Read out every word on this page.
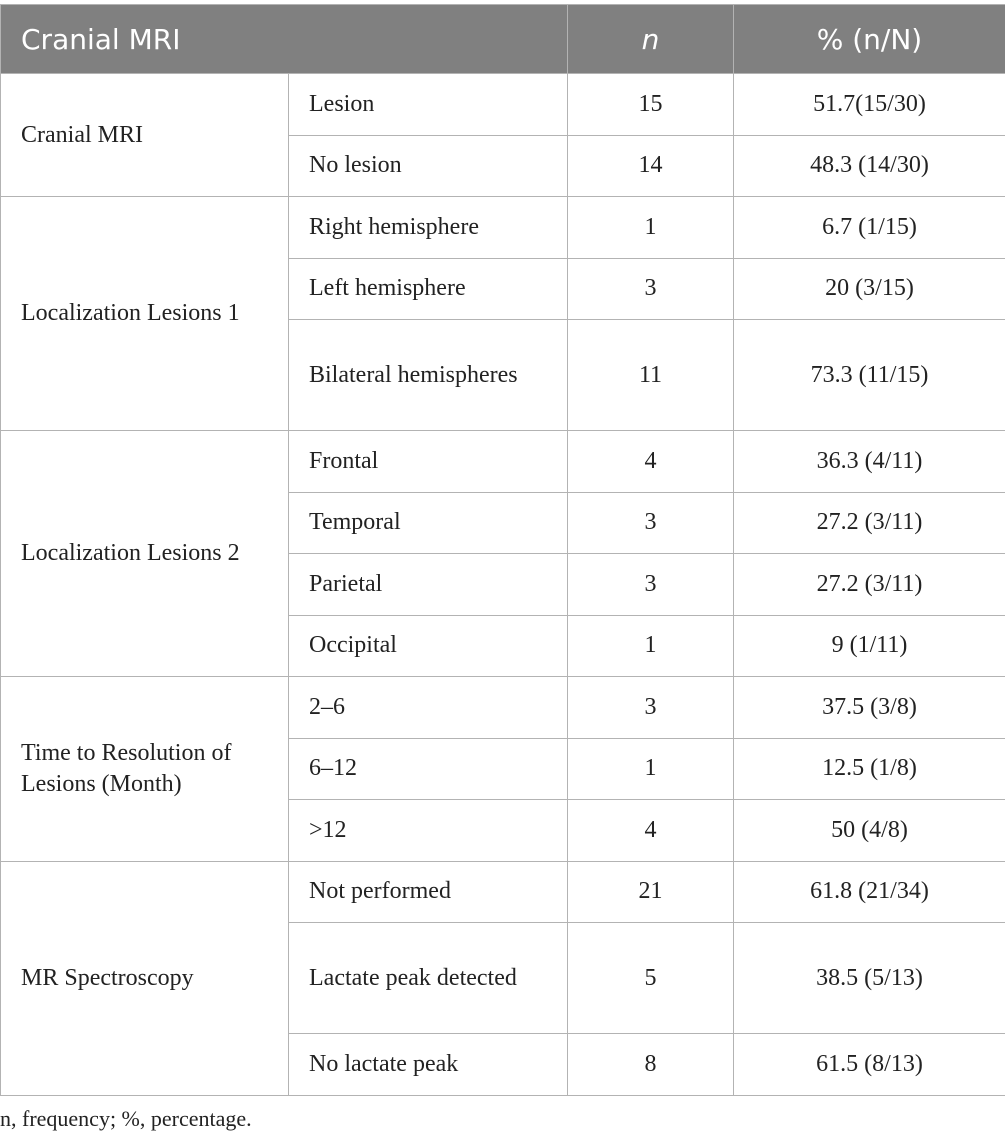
Cranial MRI		n	% (n/N)
Cranial MRI	Lesion	15	51.7(15/30)
	No lesion	14	48.3 (14/30)
Localization Lesions 1	Right hemisphere	1	6.7 (1/15)
	Left hemisphere	3	20 (3/15)
	Bilateral hemispheres	11	73.3 (11/15)
Localization Lesions 2	Frontal	4	36.3 (4/11)
	Temporal	3	27.2 (3/11)
	Parietal	3	27.2 (3/11)
	Occipital	1	9 (1/11)
Time to Resolution of Lesions (Month)	2–6	3	37.5 (3/8)
	6–12	1	12.5 (1/8)
	>12	4	50 (4/8)
MR Spectroscopy	Not performed	21	61.8 (21/34)
	Lactate peak detected	5	38.5 (5/13)
	No lactate peak	8	61.5 (8/13)
n, frequency; %, percentage.
